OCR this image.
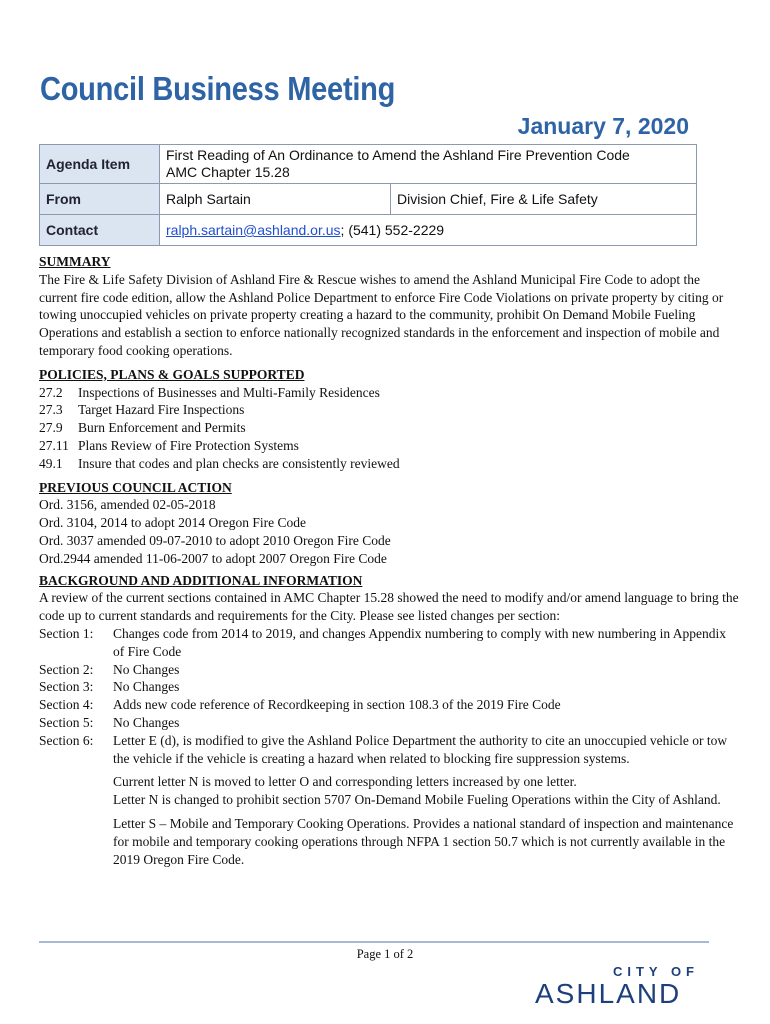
Council Business Meeting
January 7, 2020
Agenda Item	First Reading of An Ordinance to Amend the Ashland Fire Prevention Code
AMC Chapter 15.28	
From	Ralph Sartain	Division Chief, Fire & Life Safety
Contact	ralph.sartain@ashland.or.us; (541) 552-2229	

SUMMARY

The Fire & Life Safety Division of Ashland Fire & Rescue wishes to amend the Ashland Municipal Fire Code to adopt the current fire code edition, allow the Ashland Police Department to enforce Fire Code Violations on private property by citing or towing unoccupied vehicles on private property creating a hazard to the community, prohibit On Demand Mobile Fueling Operations and establish a section to enforce nationally recognized standards in the enforcement and inspection of mobile and temporary food cooking operations.

POLICIES, PLANS & GOALS SUPPORTED

27.2	Inspections of Businesses and Multi-Family Residences
27.3	Target Hazard Fire Inspections
27.9	Burn Enforcement and Permits
27.11 Plans Review of Fire Protection Systems
49.1	Insure that codes and plan checks are consistently reviewed

PREVIOUS COUNCIL ACTION

Ord. 3156, amended 02-05-2018

Ord. 3104, 2014 to adopt 2014 Oregon Fire Code

Ord. 3037 amended 09-07-2010 to adopt 2010 Oregon Fire Code

Ord.2944 amended 11-06-2007 to adopt 2007 Oregon Fire Code

BACKGROUND AND ADDITIONAL INFORMATION

A review of the current sections contained in AMC Chapter 15.28 showed the need to modify and/or amend language to bring the code up to current standards and requirements for the City. Please see listed changes per section:

Section 1:	Changes code from 2014 to 2019, and changes Appendix numbering to comply with new numbering in Appendix of Fire Code
Section 2:	No Changes
Section 3:	No Changes
Section 4:	Adds new code reference of Recordkeeping in section 108.3 of the 2019 Fire Code
Section 5:	No Changes
Section 6:	Letter E (d), is modified to give the Ashland Police Department the authority to cite an unoccupied vehicle or tow the vehicle if the vehicle is creating a hazard when related to blocking fire suppression systems.

Current letter N is moved to letter O and corresponding letters increased by one letter.

Letter N is changed to prohibit section 5707 On-Demand Mobile Fueling Operations within the City of Ashland.

Letter S – Mobile and Temporary Cooking Operations. Provides a national standard of inspection and maintenance for mobile and temporary cooking operations through NFPA 1 section 50.7 which is not currently available in the 2019 Oregon Fire Code.

Page 1 of 2
CITY OF
ASHLAND
